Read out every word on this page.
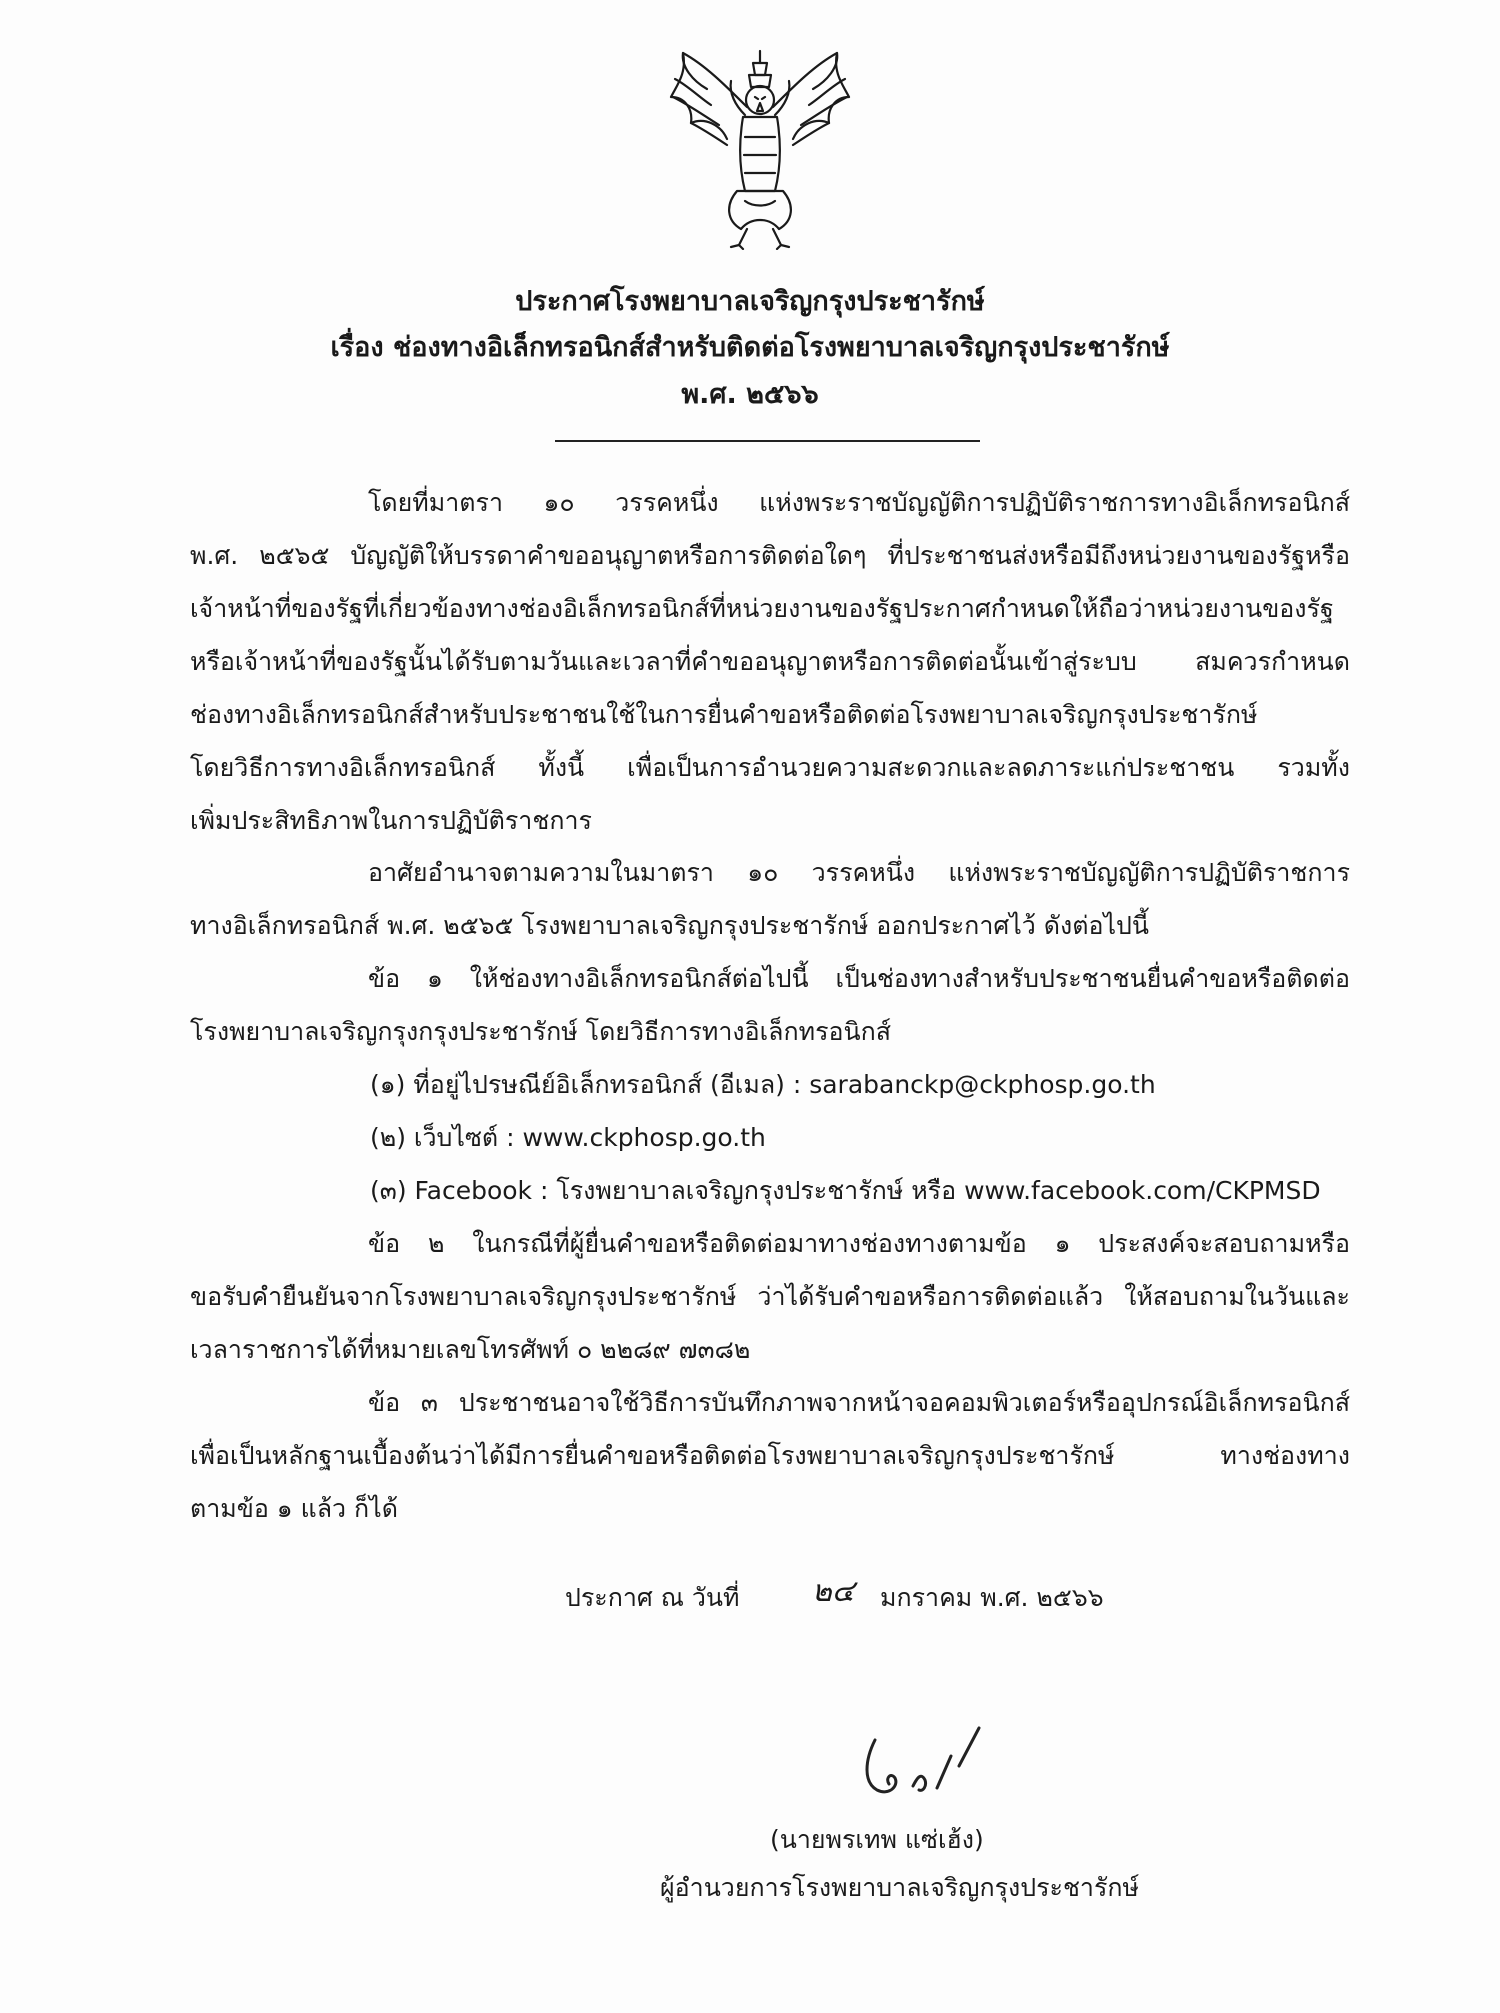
ประกาศโรงพยาบาลเจริญกรุงประชารักษ์
เรื่อง ช่องทางอิเล็กทรอนิกส์สำหรับติดต่อโรงพยาบาลเจริญกรุงประชารักษ์
พ.ศ. ๒๕๖๖
โดยที่มาตรา ๑๐ วรรคหนึ่ง แห่งพระราชบัญญัติการปฏิบัติราชการทางอิเล็กทรอนิกส์
พ.ศ. ๒๕๖๕ บัญญัติให้บรรดาคำขออนุญาตหรือการติดต่อใดๆ ที่ประชาชนส่งหรือมีถึงหน่วยงานของรัฐหรือ
เจ้าหน้าที่ของรัฐที่เกี่ยวข้องทางช่องอิเล็กทรอนิกส์ที่หน่วยงานของรัฐประกาศกำหนดให้ถือว่าหน่วยงานของรัฐ
หรือเจ้าหน้าที่ของรัฐนั้นได้รับตามวันและเวลาที่คำขออนุญาตหรือการติดต่อนั้นเข้าสู่ระบบ สมควรกำหนด
ช่องทางอิเล็กทรอนิกส์สำหรับประชาชนใช้ในการยื่นคำขอหรือติดต่อโรงพยาบาลเจริญกรุงประชารักษ์
โดยวิธีการทางอิเล็กทรอนิกส์ ทั้งนี้ เพื่อเป็นการอำนวยความสะดวกและลดภาระแก่ประชาชน รวมทั้ง
เพิ่มประสิทธิภาพในการปฏิบัติราชการ
อาศัยอำนาจตามความในมาตรา ๑๐ วรรคหนึ่ง แห่งพระราชบัญญัติการปฏิบัติราชการ
ทางอิเล็กทรอนิกส์ พ.ศ. ๒๕๖๕ โรงพยาบาลเจริญกรุงประชารักษ์ ออกประกาศไว้ ดังต่อไปนี้
ข้อ ๑ ให้ช่องทางอิเล็กทรอนิกส์ต่อไปนี้ เป็นช่องทางสำหรับประชาชนยื่นคำขอหรือติดต่อ
โรงพยาบาลเจริญกรุงกรุงประชารักษ์ โดยวิธีการทางอิเล็กทรอนิกส์
(๑) ที่อยู่ไปรษณีย์อิเล็กทรอนิกส์ (อีเมล) : sarabanckp@ckphosp.go.th
(๒) เว็บไซต์ : www.ckphosp.go.th
(๓) Facebook : โรงพยาบาลเจริญกรุงประชารักษ์ หรือ www.facebook.com/CKPMSD
ข้อ ๒ ในกรณีที่ผู้ยื่นคำขอหรือติดต่อมาทางช่องทางตามข้อ ๑ ประสงค์จะสอบถามหรือ
ขอรับคำยืนยันจากโรงพยาบาลเจริญกรุงประชารักษ์ ว่าได้รับคำขอหรือการติดต่อแล้ว ให้สอบถามในวันและ
เวลาราชการได้ที่หมายเลขโทรศัพท์ ๐ ๒๒๘๙ ๗๓๘๒
ข้อ ๓ ประชาชนอาจใช้วิธีการบันทึกภาพจากหน้าจอคอมพิวเตอร์หรืออุปกรณ์อิเล็กทรอนิกส์
เพื่อเป็นหลักฐานเบื้องต้นว่าได้มีการยื่นคำขอหรือติดต่อโรงพยาบาลเจริญกรุงประชารักษ์ ทางช่องทาง
ตามข้อ ๑ แล้ว ก็ได้
ประกาศ ณ วันที่ ๒๔ มกราคม พ.ศ. ๒๕๖๖
(นายพรเทพ แซ่เฮ้ง)
ผู้อำนวยการโรงพยาบาลเจริญกรุงประชารักษ์
